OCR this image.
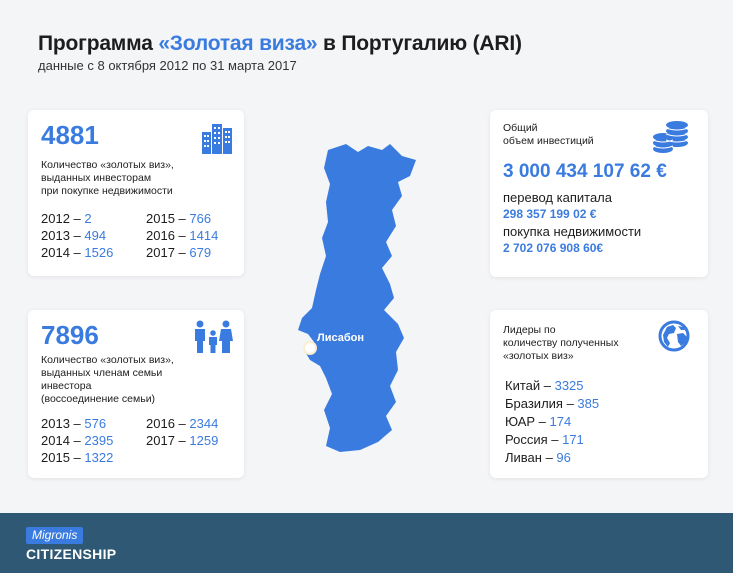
Программа «Золотая виза» в Португалию (ARI)
данные с 8 октября 2012 по 31 марта 2017
4881
Количество «золотых виз»,
выданных инвесторам
при покупке недвижимости
2012 – 2
2013 – 494
2014 – 1526
2015 – 766
2016 – 1414
2017 – 679
7896
Количество «золотых виз»,
выданных членам семьи
инвестора
(воссоединение семьи)
2013 – 576
2014 – 2395
2015 – 1322
2016 – 2344
2017 – 1259
Лисабон
Общий
объем инвестиций
3 000 434 107 62 €
перевод капитала
298 357 199 02 €
покупка недвижимости
2 702 076 908 60€
Лидеры по
количеству полученных
«золотых виз»
Китай – 3325
Бразилия – 385
ЮАР – 174
Россия – 171
Ливан – 96
Migronis
CITIZENSHIP
